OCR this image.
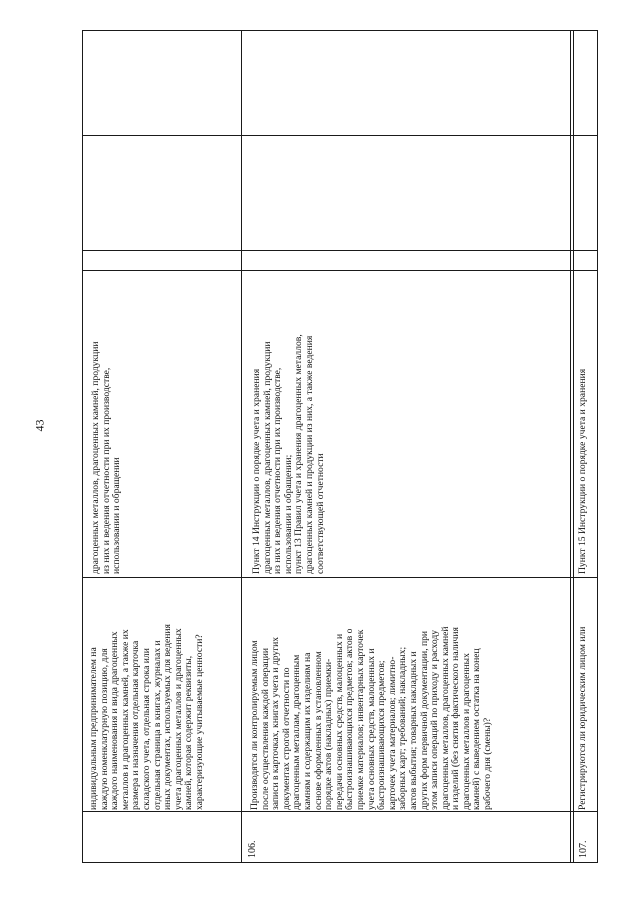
43
индивидуальным предпринимателем на каждую номенклатурную позицию, для каждого наименования и вида драгоценных металлов и драгоценных камней, а также их размера и назначения отдельная карточка складского учета, отдельная строка или отдельная страница в книгах, журналах и иных документах, используемых для ведения учета драгоценных металлов и драгоценных камней, которая содержит реквизиты, характеризующие учитываемые ценности?
драгоценных металлов, драгоценных камней, продукции из них и ведения отчетности при их производстве, использовании и обращении
106.
Производятся ли контролируемым лицом после осуществления каждой операции записи в карточках, книгах учета и других документах строгой отчетности по драгоценным металлам, драгоценным камням и содержащим их изделиям на основе оформленных в установленном порядке актов (накладных) приемки- передачи основных средств, малоценных и быстроизнашивающихся предметов; актов о приемке материалов; инвентарных карточек учета основных средств, малоценных и быстроизнашивающихся предметов; карточек учета материалов; лимитно- заборных карт; требований; накладных; актов выбытия; товарных накладных и других форм первичной документации, при этом записи операций по приходу и расходу драгоценных металлов, драгоценных камней и изделий (без снятия фактического наличия драгоценных металлов и драгоценных камней) с выведением остатка на конец рабочего дня (смены)?
Пункт 14 Инструкции о порядке учета и хранения драгоценных металлов, драгоценных камней, продукции из них и ведения отчетности при их производстве, использовании и обращении; пункт 13 Правил учета и хранения драгоценных металлов, драгоценных камней и продукции из них, а также ведения соответствующей отчетности
107.
Регистрируются ли юридическим лицом или
Пункт 15 Инструкции о порядке учета и хранения
